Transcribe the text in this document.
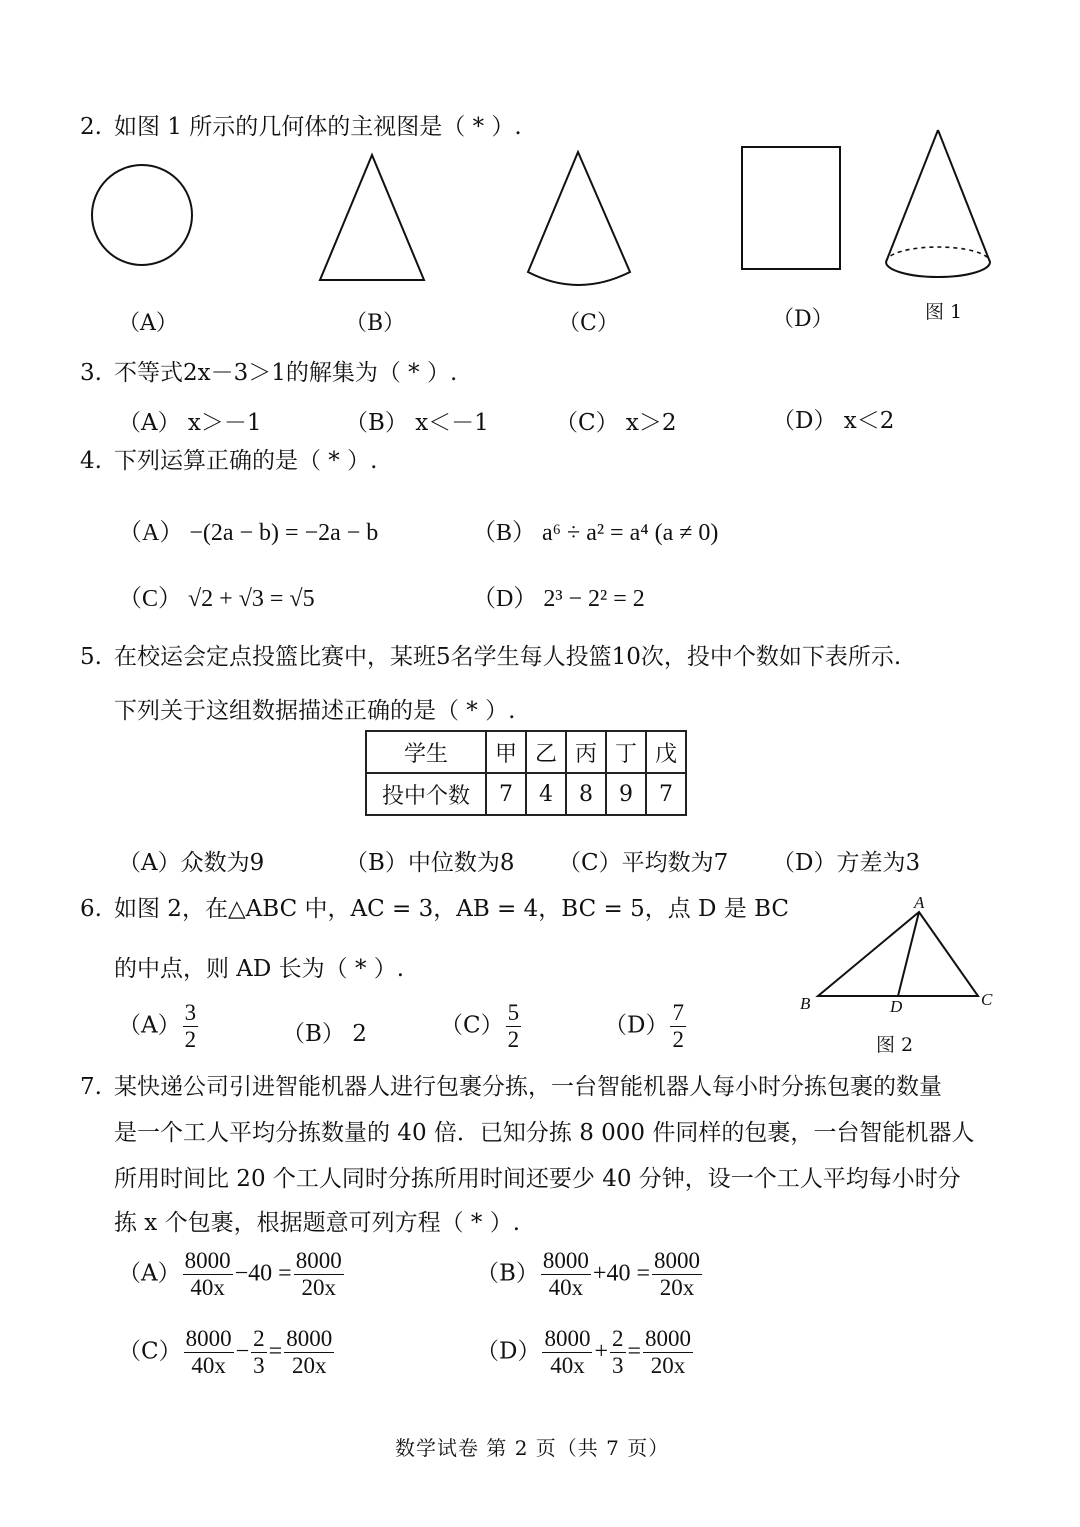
2. 如图 1 所示的几何体的主视图是（ * ）.
（A）	（B）	（C）	（D）	图 1
3. 不等式2x－3＞1的解集为（ * ）.
（A） x＞－1	（B） x＜－1	（C） x＞2	（D） x＜2
4. 下列运算正确的是（ * ）.
（A） −(2a − b) = −2a − b	（B） a⁶ ÷ a² = a⁴ (a ≠ 0)
（C） √2 + √3 = √5	（D） 2³ − 2² = 2
5. 在校运会定点投篮比赛中，某班5名学生每人投篮10次，投中个数如下表所示.
下列关于这组数据描述正确的是（ * ）.
学生	甲	乙	丙	丁	戊
投中个数	7	4	8	9	7
（A）众数为9	（B）中位数为8 （C）平均数为7 （D）方差为3
6. 如图 2，在△ABC 中，AC = 3，AB = 4，BC = 5，点 D 是 BC
的中点，则 AD 长为（ * ）.
$(A) \frac{3}{2}$	（B） 2	$(C) \frac{5}{2}$	$(D) \frac{7}{2}$
A
B	C
D
图 2
7. 某快递公司引进智能机器人进行包裹分拣，一台智能机器人每小时分拣包裹的数量
是一个工人平均分拣数量的 40 倍．已知分拣 8 000 件同样的包裹，一台智能机器人
所用时间比 20 个工人同时分拣所用时间还要少 40 分钟，设一个工人平均每小时分
拣 x 个包裹，根据题意可列方程（ * ）.
$(A) \frac{8000}{40x} -40 = \frac{8000}{20x}$	$(B) \frac{8000}{40x} +40 = \frac{8000}{20x}$
$(C) \frac{8000}{40x} - \frac{2}{3} = \frac{8000}{20x}$	$(D) \frac{8000}{40x} + \frac{2}{3} = \frac{8000}{20x}$
数学试卷 第 2 页（共 7 页）
